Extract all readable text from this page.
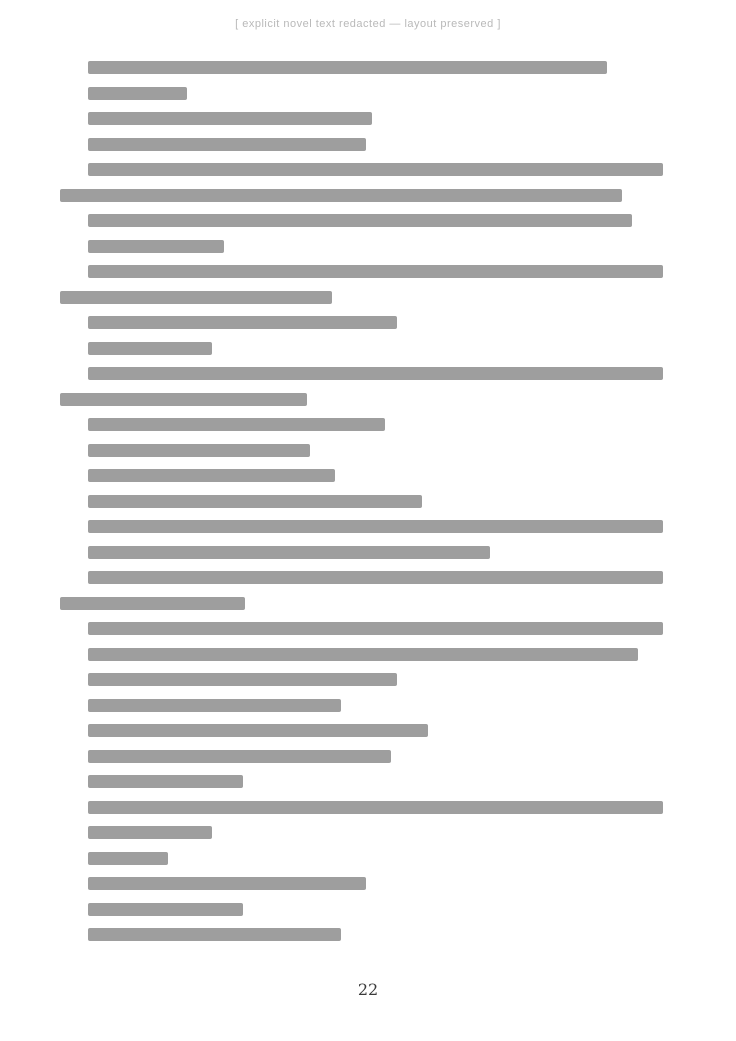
[ explicit novel text redacted — layout preserved ]
22
